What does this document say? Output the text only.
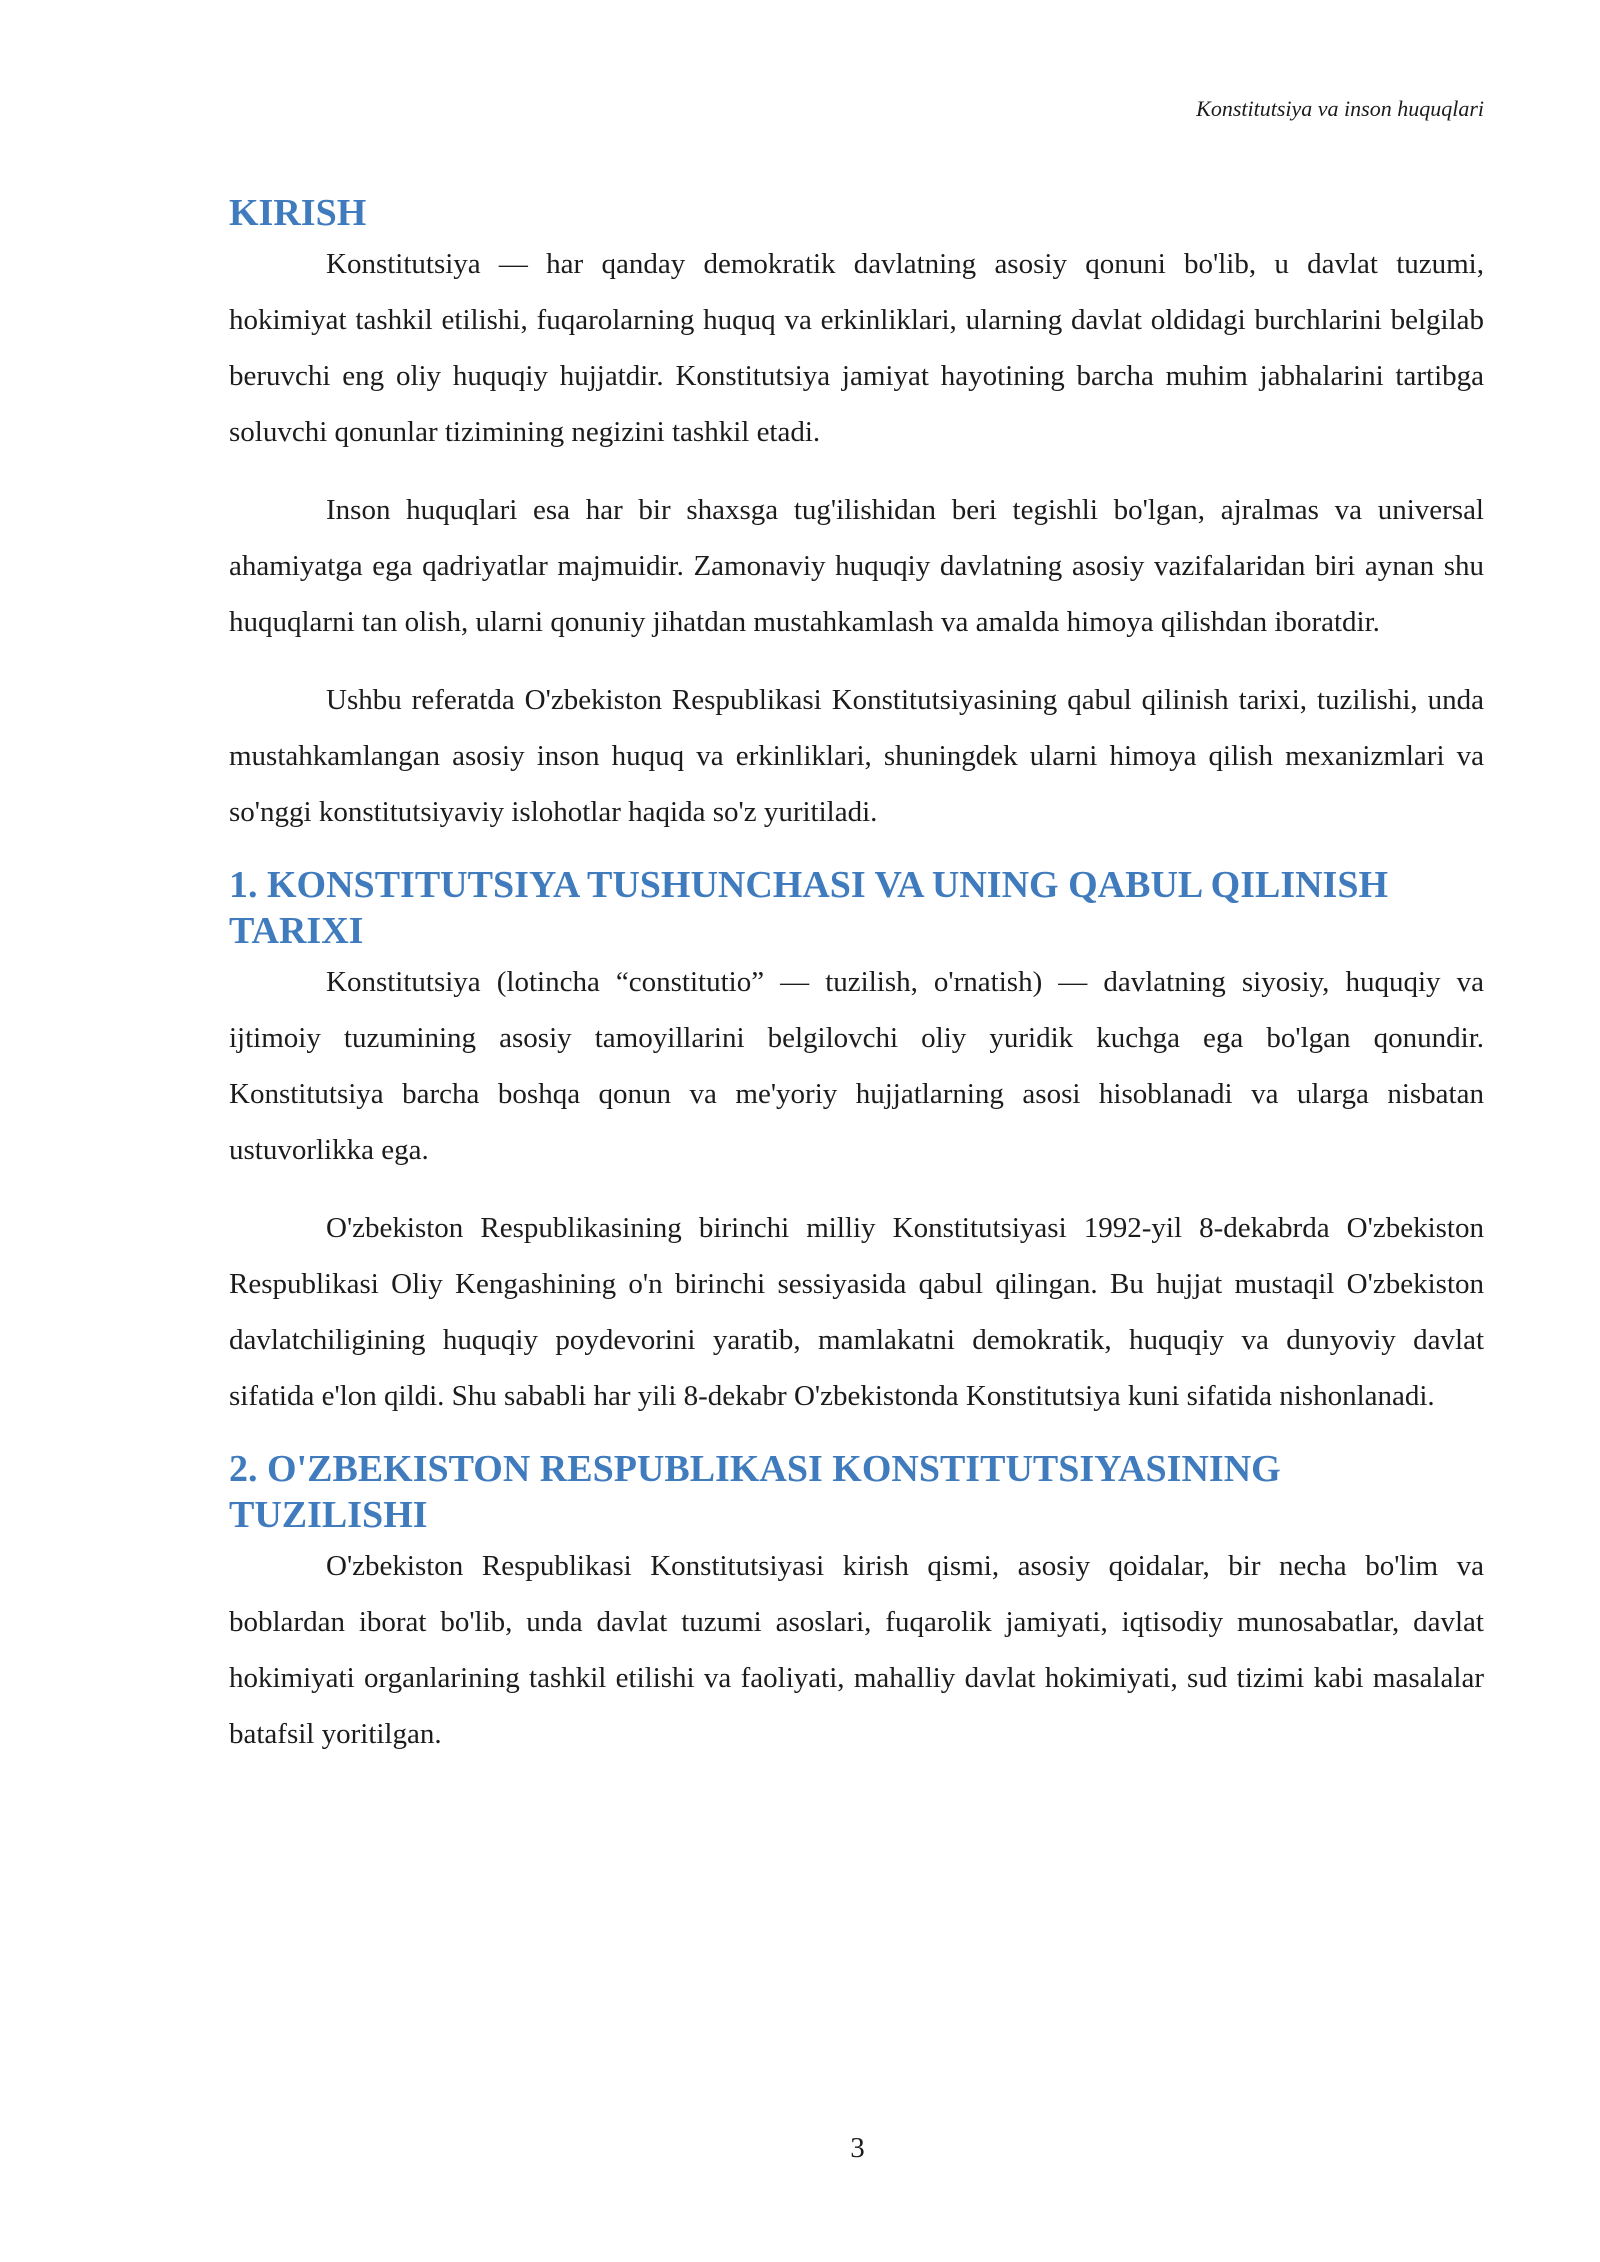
Konstitutsiya va inson huquqlari
KIRISH

Konstitutsiya — har qanday demokratik davlatning asosiy qonuni bo'lib, u davlat tuzumi, hokimiyat tashkil etilishi, fuqarolarning huquq va erkinliklari, ularning davlat oldidagi burchlarini belgilab beruvchi eng oliy huquqiy hujjatdir. Konstitutsiya jamiyat hayotining barcha muhim jabhalarini tartibga soluvchi qonunlar tizimining negizini tashkil etadi.

Inson huquqlari esa har bir shaxsga tug'ilishidan beri tegishli bo'lgan, ajralmas va universal ahamiyatga ega qadriyatlar majmuidir. Zamonaviy huquqiy davlatning asosiy vazifalaridan biri aynan shu huquqlarni tan olish, ularni qonuniy jihatdan mustahkamlash va amalda himoya qilishdan iboratdir.

Ushbu referatda O'zbekiston Respublikasi Konstitutsiyasining qabul qilinish tarixi, tuzilishi, unda mustahkamlangan asosiy inson huquq va erkinliklari, shuningdek ularni himoya qilish mexanizmlari va so'nggi konstitutsiyaviy islohotlar haqida so'z yuritiladi.

1. KONSTITUTSIYA TUSHUNCHASI VA UNING QABUL QILINISH TARIXI

Konstitutsiya (lotincha “constitutio” — tuzilish, o'rnatish) — davlatning siyosiy, huquqiy va ijtimoiy tuzumining asosiy tamoyillarini belgilovchi oliy yuridik kuchga ega bo'lgan qonundir. Konstitutsiya barcha boshqa qonun va me'yoriy hujjatlarning asosi hisoblanadi va ularga nisbatan ustuvorlikka ega.

O'zbekiston Respublikasining birinchi milliy Konstitutsiyasi 1992-yil 8-dekabrda O'zbekiston Respublikasi Oliy Kengashining o'n birinchi sessiyasida qabul qilingan. Bu hujjat mustaqil O'zbekiston davlatchiligining huquqiy poydevorini yaratib, mamlakatni demokratik, huquqiy va dunyoviy davlat sifatida e'lon qildi. Shu sababli har yili 8-dekabr O'zbekistonda Konstitutsiya kuni sifatida nishonlanadi.

2. O'ZBEKISTON RESPUBLIKASI KONSTITUTSIYASINING TUZILISHI

O'zbekiston Respublikasi Konstitutsiyasi kirish qismi, asosiy qoidalar, bir necha bo'lim va boblardan iborat bo'lib, unda davlat tuzumi asoslari, fuqarolik jamiyati, iqtisodiy munosabatlar, davlat hokimiyati organlarining tashkil etilishi va faoliyati, mahalliy davlat hokimiyati, sud tizimi kabi masalalar batafsil yoritilgan.

3
